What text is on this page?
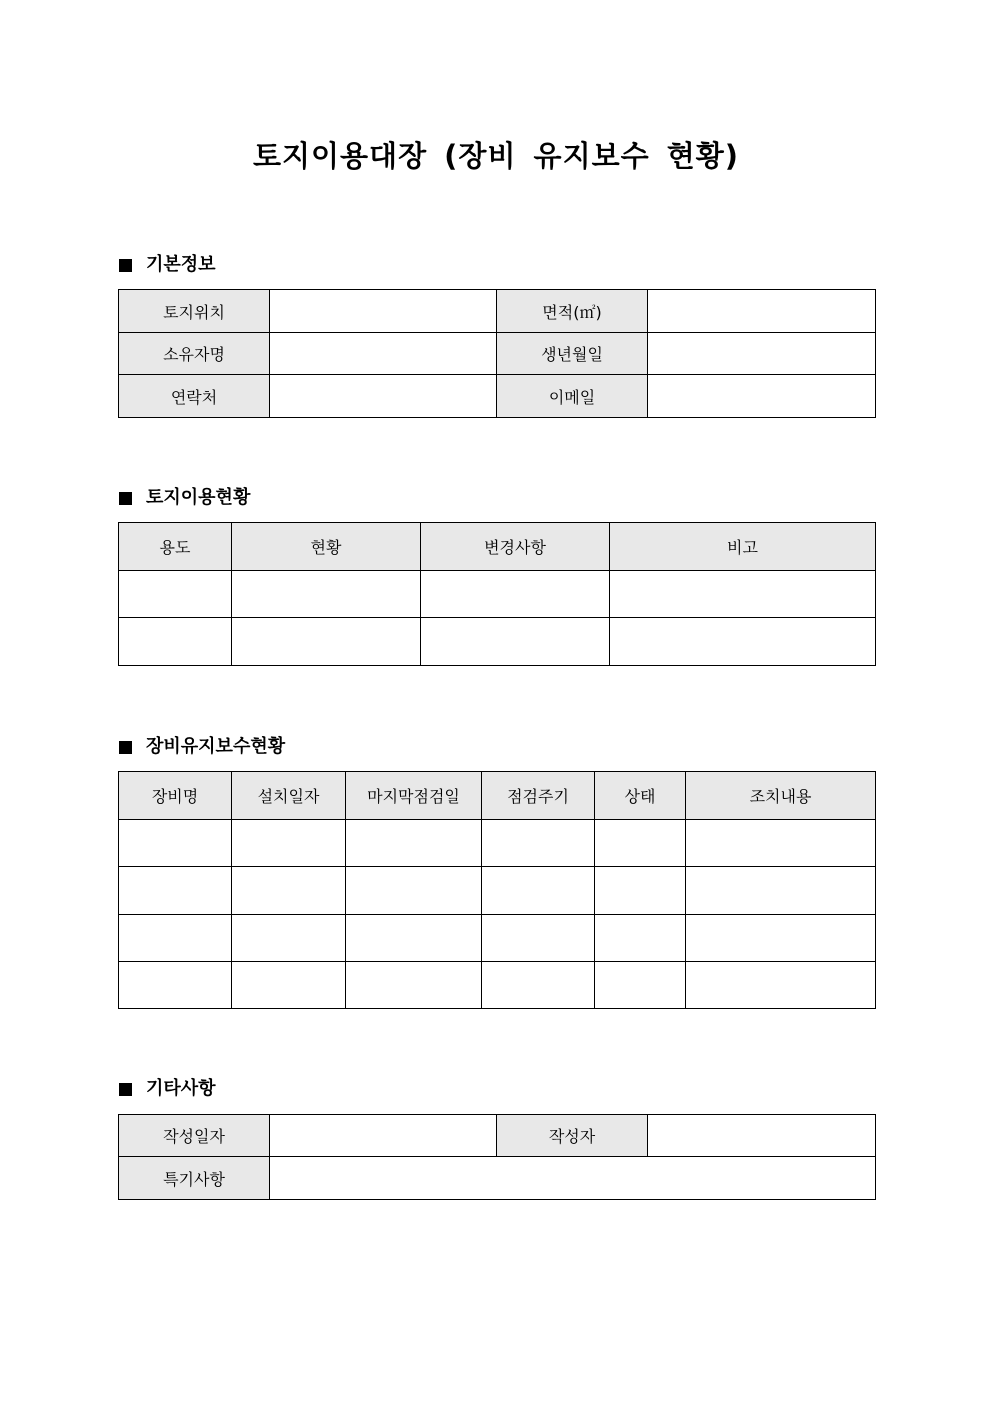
토지이용대장 (장비 유지보수 현황)
기본정보
토지위치		면적(㎡)	
소유자명		생년월일	
연락처		이메일	
토지이용현황
용도	현황	변경사항	비고

장비유지보수현황
장비명	설치일자	마지막점검일	점검주기	상태	조치내용

기타사항
작성일자		작성자	
특기사항			
